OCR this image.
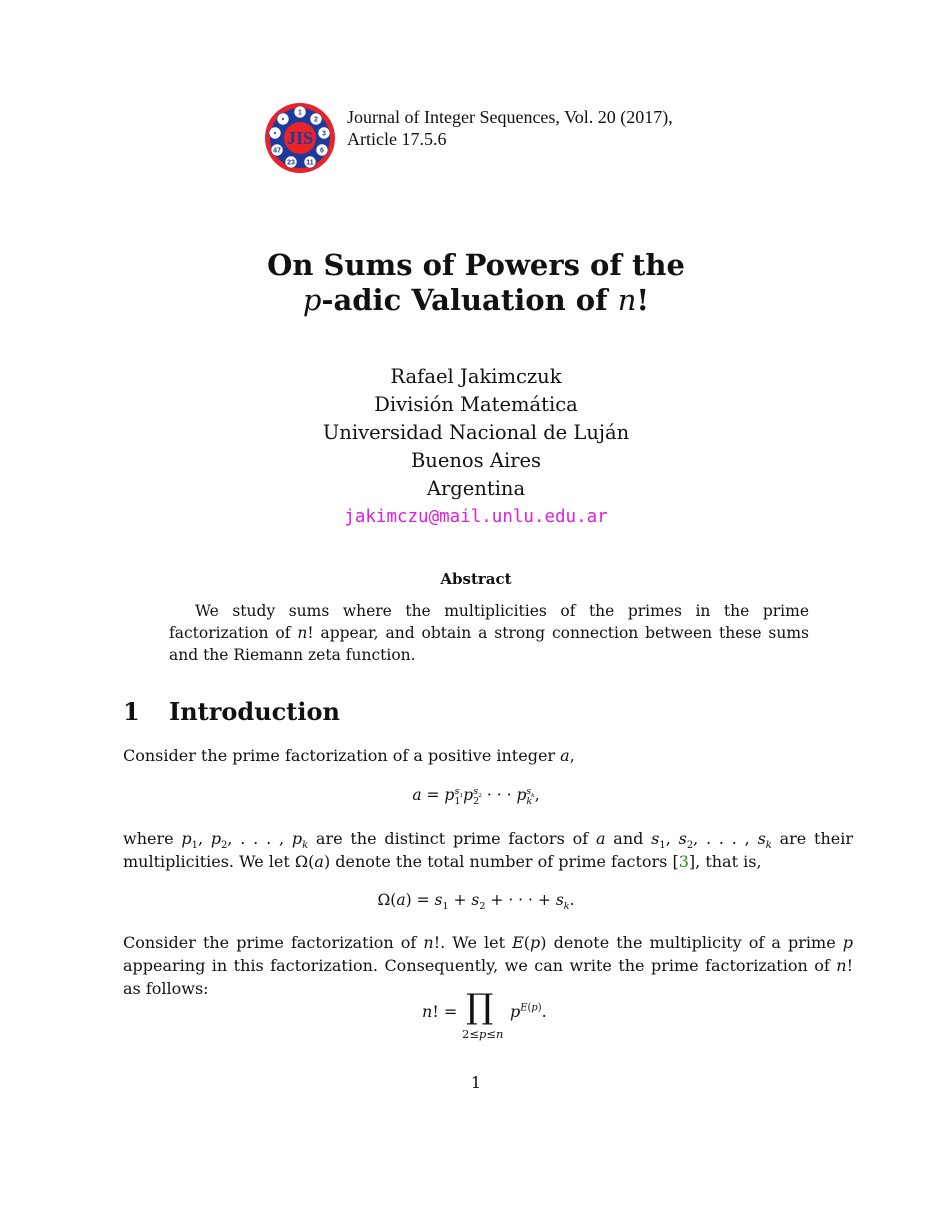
1
2
3
6
11
23
47
•
•
JIS
Journal of Integer Sequences, Vol. 20 (2017),
Article 17.5.6
On Sums of Powers of the
p-adic Valuation of n!
Rafael Jakimczuk
División Matemática
Universidad Nacional de Luján
Buenos Aires
Argentina
jakimczu@mail.unlu.edu.ar
Abstract
We study sums where the multiplicities of the primes in the prime factorization of n! appear, and obtain a strong connection between these sums and the Riemann zeta function.
1 Introduction
Consider the prime factorization of a positive integer a,
$a = p_1^{s_1}p_2^{s_2}$ · · · $p_k^{s_k}$,
where $p_1$, $p_2$, . . . , $p_k$ are the distinct prime factors of a and $s_1$, $s_2$, . . . , $s_k$ are their multiplicities. We let Ω(a) denote the total number of prime factors [3], that is,
$\Omega(a) = s_1 + s_2$ + · · · + $s_k$.
Consider the prime factorization of n!. We let E(p) denote the multiplicity of a prime p appearing in this factorization. Consequently, we can write the prime factorization of n! as follows:
n! = ∏
2≤p≤n
$p^{E(p)}$.
1
